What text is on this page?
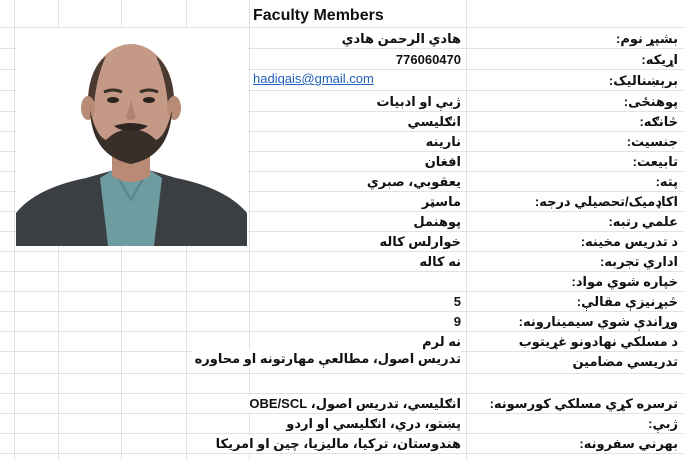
Faculty Members
بشپړ نوم:
اړيکه:
برېښناليک:
پوهنځی:
څانګه:
جنسيت:
تابيعت:
پته:
اکاډميک/تحصيلي درجه:
علمي رتبه:
د تدريس مخينه:
اداري تجربه:
خپاره شوي مواد:
څېړنيزې مقالې:
وړاندې شوي سيمينارونه:
د مسلکي نهادونو غړيتوب
تدريسي مضامين
ترسره کړي مسلکي کورسونه:
ژبې:
بهرني سفرونه:
هادي الرحمن هادي
776060470
hadiqais@gmail.com
ژبې او ادبيات
انګليسي
نارينه
افغان
يعقوبي، صبري
ماسټر
پوهنمل
خوارلس کاله
نه کاله
5
9
نه لرم
تدريس اصول، مطالعې مهارتونه او محاوره
انګليسي، تدريس اصول، OBE/SCL
پښتو، دري، انګليسي او اردو
هندوستان، ترکيا، ماليزيا، چين او امريکا
